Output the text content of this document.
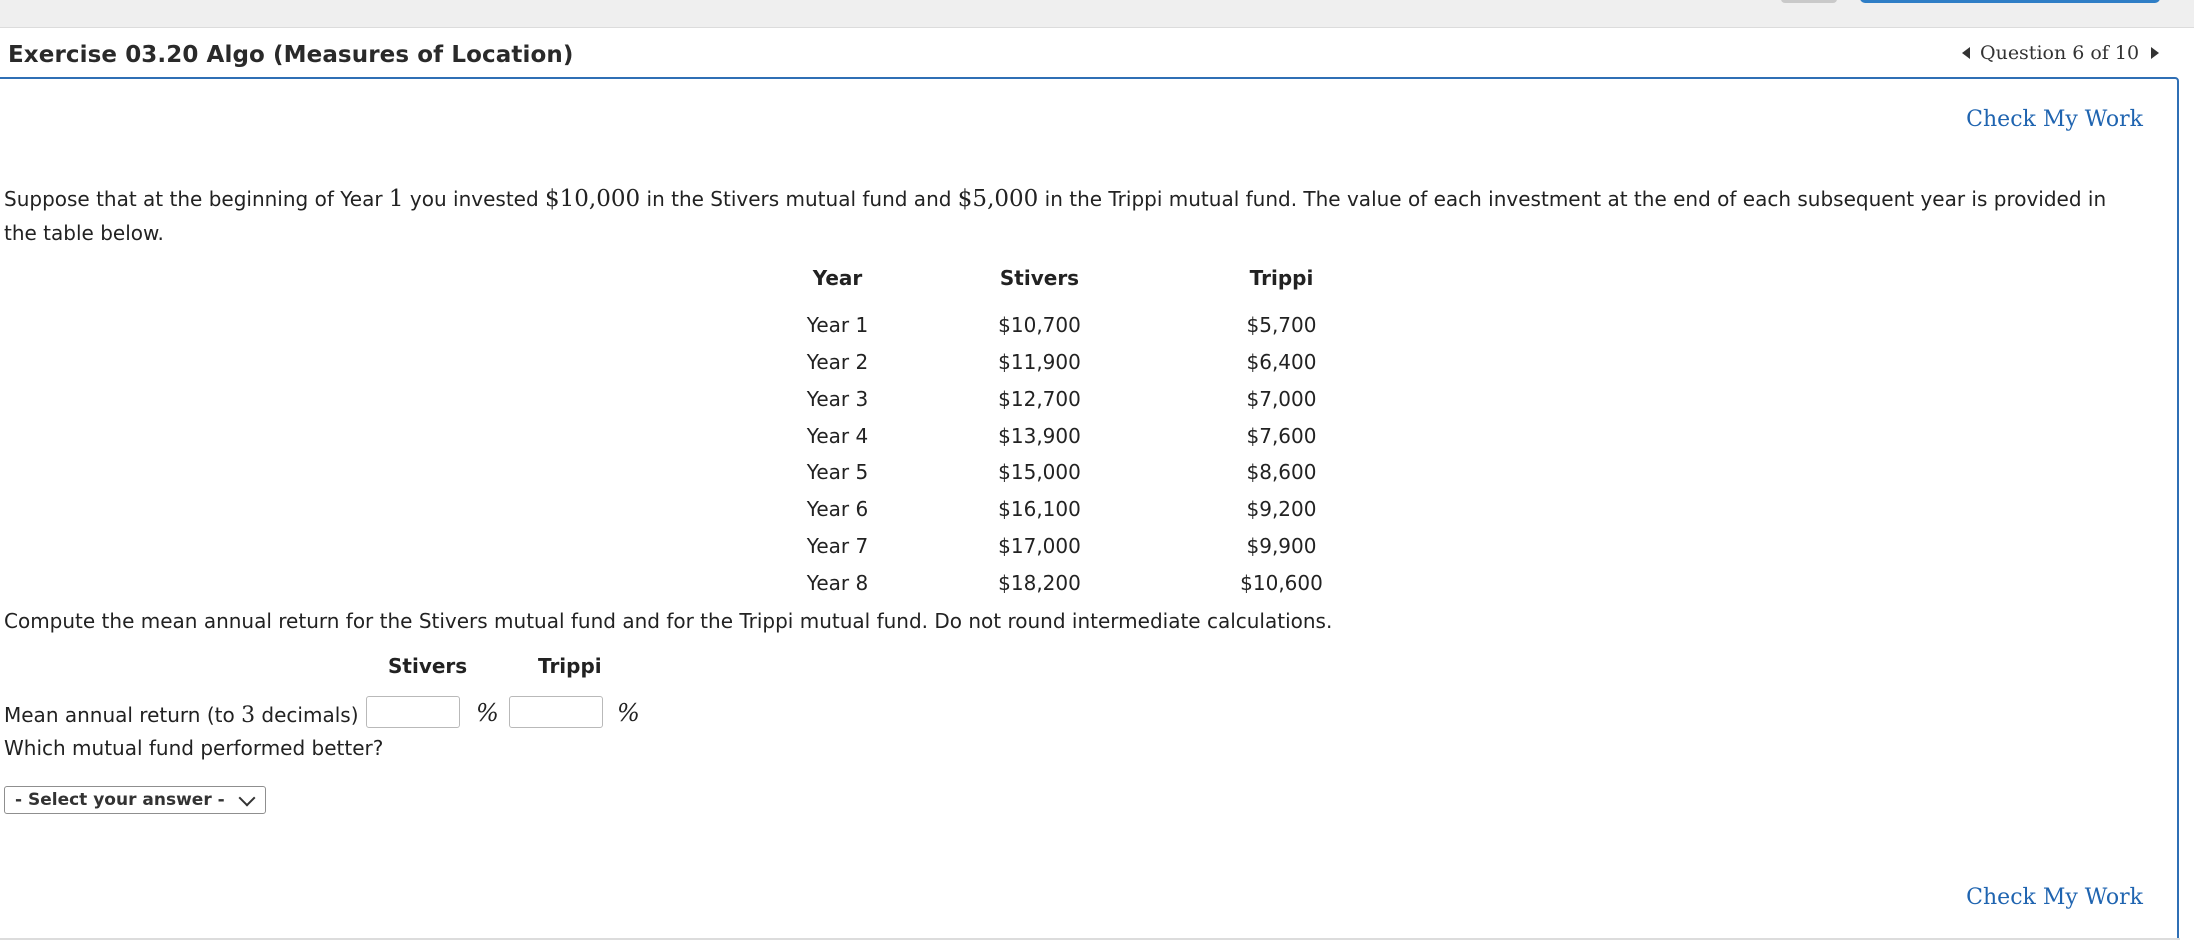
Exercise 03.20 Algo (Measures of Location)	Question 6 of 10
Check My Work
Suppose that at the beginning of Year 1 you invested $10,000 in the Stivers mutual fund and $5,000 in the Trippi mutual fund. The value of each investment at the end of each subsequent year is provided in the table below.
Year	Stivers	Trippi
Year 1	$10,700	$5,700
Year 2	$11,900	$6,400
Year 3	$12,700	$7,000
Year 4	$13,900	$7,600
Year 5	$15,000	$8,600
Year 6	$16,100	$9,200
Year 7	$17,000	$9,900
Year 8	$18,200	$10,600
Compute the mean annual return for the Stivers mutual fund and for the Trippi mutual fund. Do not round intermediate calculations.
Stivers	Trippi
Mean annual return (to 3 decimals)	%	%
Which mutual fund performed better?
- Select your answer -
Check My Work
